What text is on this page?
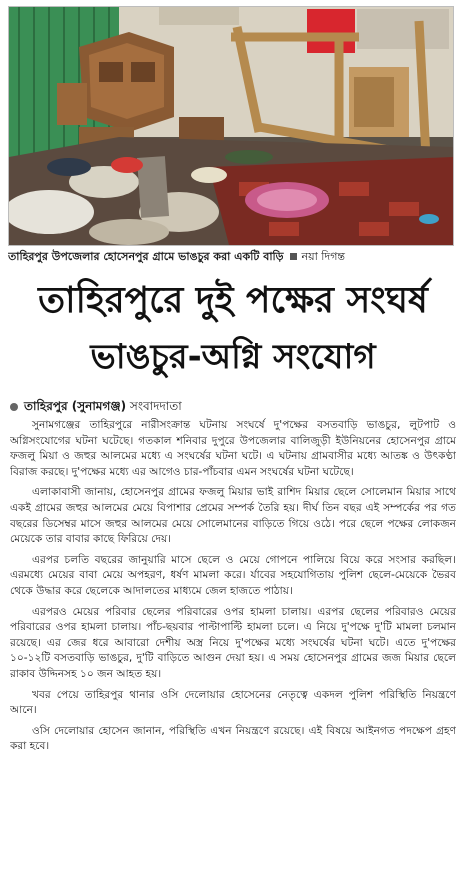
তাহিরপুর উপজেলার হোসেনপুর গ্রামে ভাঙচুর করা একটি বাড়ি নয়া দিগন্ত
তাহিরপুরে দুই পক্ষের সংঘর্ষ
ভাঙচুর-অগ্নি সংযোগ
তাহিরপুর (সুনামগঞ্জ) সংবাদদাতা

সুনামগঞ্জের তাহিরপুরে নারীসংক্রান্ত ঘটনায় সংঘর্ষে দু'পক্ষের বসতবাড়ি ভাঙচুর, লুটপাট ও অগ্নিসংযোগের ঘটনা ঘটেছে। গতকাল শনিবার দুপুরে উপজেলার বালিজুড়ী ইউনিয়নের হোসেনপুর গ্রামে ফজলু মিয়া ও জহুর আলমের মধ্যে এ সংঘর্ষের ঘটনা ঘটে। এ ঘটনায় গ্রামবাসীর মধ্যে আতঙ্ক ও উৎকণ্ঠা বিরাজ করছে। দু'পক্ষের মধ্যে এর আগেও চার-পাঁচবার এমন সংঘর্ষের ঘটনা ঘটেছে।

এলাকাবাসী জানায়, হোসেনপুর গ্রামের ফজলু মিয়ার ভাই রাশিদ মিয়ার ছেলে সোলেমান মিয়ার সাথে একই গ্রামের জহুর আলমের মেয়ে বিপাশার প্রেমের সম্পর্ক তৈরি হয়। দীর্ঘ তিন বছর এই সম্পর্কের পর গত বছরের ডিসেম্বর মাসে জহুর আলমের মেয়ে সোলেমানের বাড়িতে গিয়ে ওঠে। পরে ছেলে পক্ষের লোকজন মেয়েকে তার বাবার কাছে ফিরিয়ে দেয়।

এরপর চলতি বছরের জানুয়ারি মাসে ছেলে ও মেয়ে গোপনে পালিয়ে বিয়ে করে সংসার করছিল। এরমধ্যে মেয়ের বাবা মেয়ে অপহরণ, ধর্ষণ মামলা করে। র্যাবের সহযোগিতায় পুলিশ ছেলে-মেয়েকে ভৈরব থেকে উদ্ধার করে ছেলেকে আদালতের মাধ্যমে জেল হাজতে পাঠায়।

এরপরও মেয়ের পরিবার ছেলের পরিবারের ওপর হামলা চালায়। এরপর ছেলের পরিবারও মেয়ের পরিবারের ওপর হামলা চালায়। পাঁচ-ছয়বার পাল্টাপাল্টি হামলা চলে। এ নিয়ে দু'পক্ষে দু'টি মামলা চলমান রয়েছে। এর জের ধরে আবারো দেশীয় অস্ত্র নিয়ে দু'পক্ষের মধ্যে সংঘর্ষের ঘটনা ঘটে। এতে দু'পক্ষের ১০-১২টি বসতবাড়ি ভাঙচুর, দু'টি বাড়িতে আগুন দেয়া হয়। এ সময় হোসেনপুর গ্রামের জজ মিয়ার ছেলে রাকাব উদ্দিনসহ ১০ জন আহত হয়।

খবর পেয়ে তাহিরপুর থানার ওসি দেলোয়ার হোসেনের নেতৃত্বে একদল পুলিশ পরিস্থিতি নিয়ন্ত্রণে আনে।

ওসি দেলোয়ার হোসেন জানান, পরিস্থিতি এখন নিয়ন্ত্রণে রয়েছে। এই বিষয়ে আইনগত পদক্ষেপ গ্রহণ করা হবে।
